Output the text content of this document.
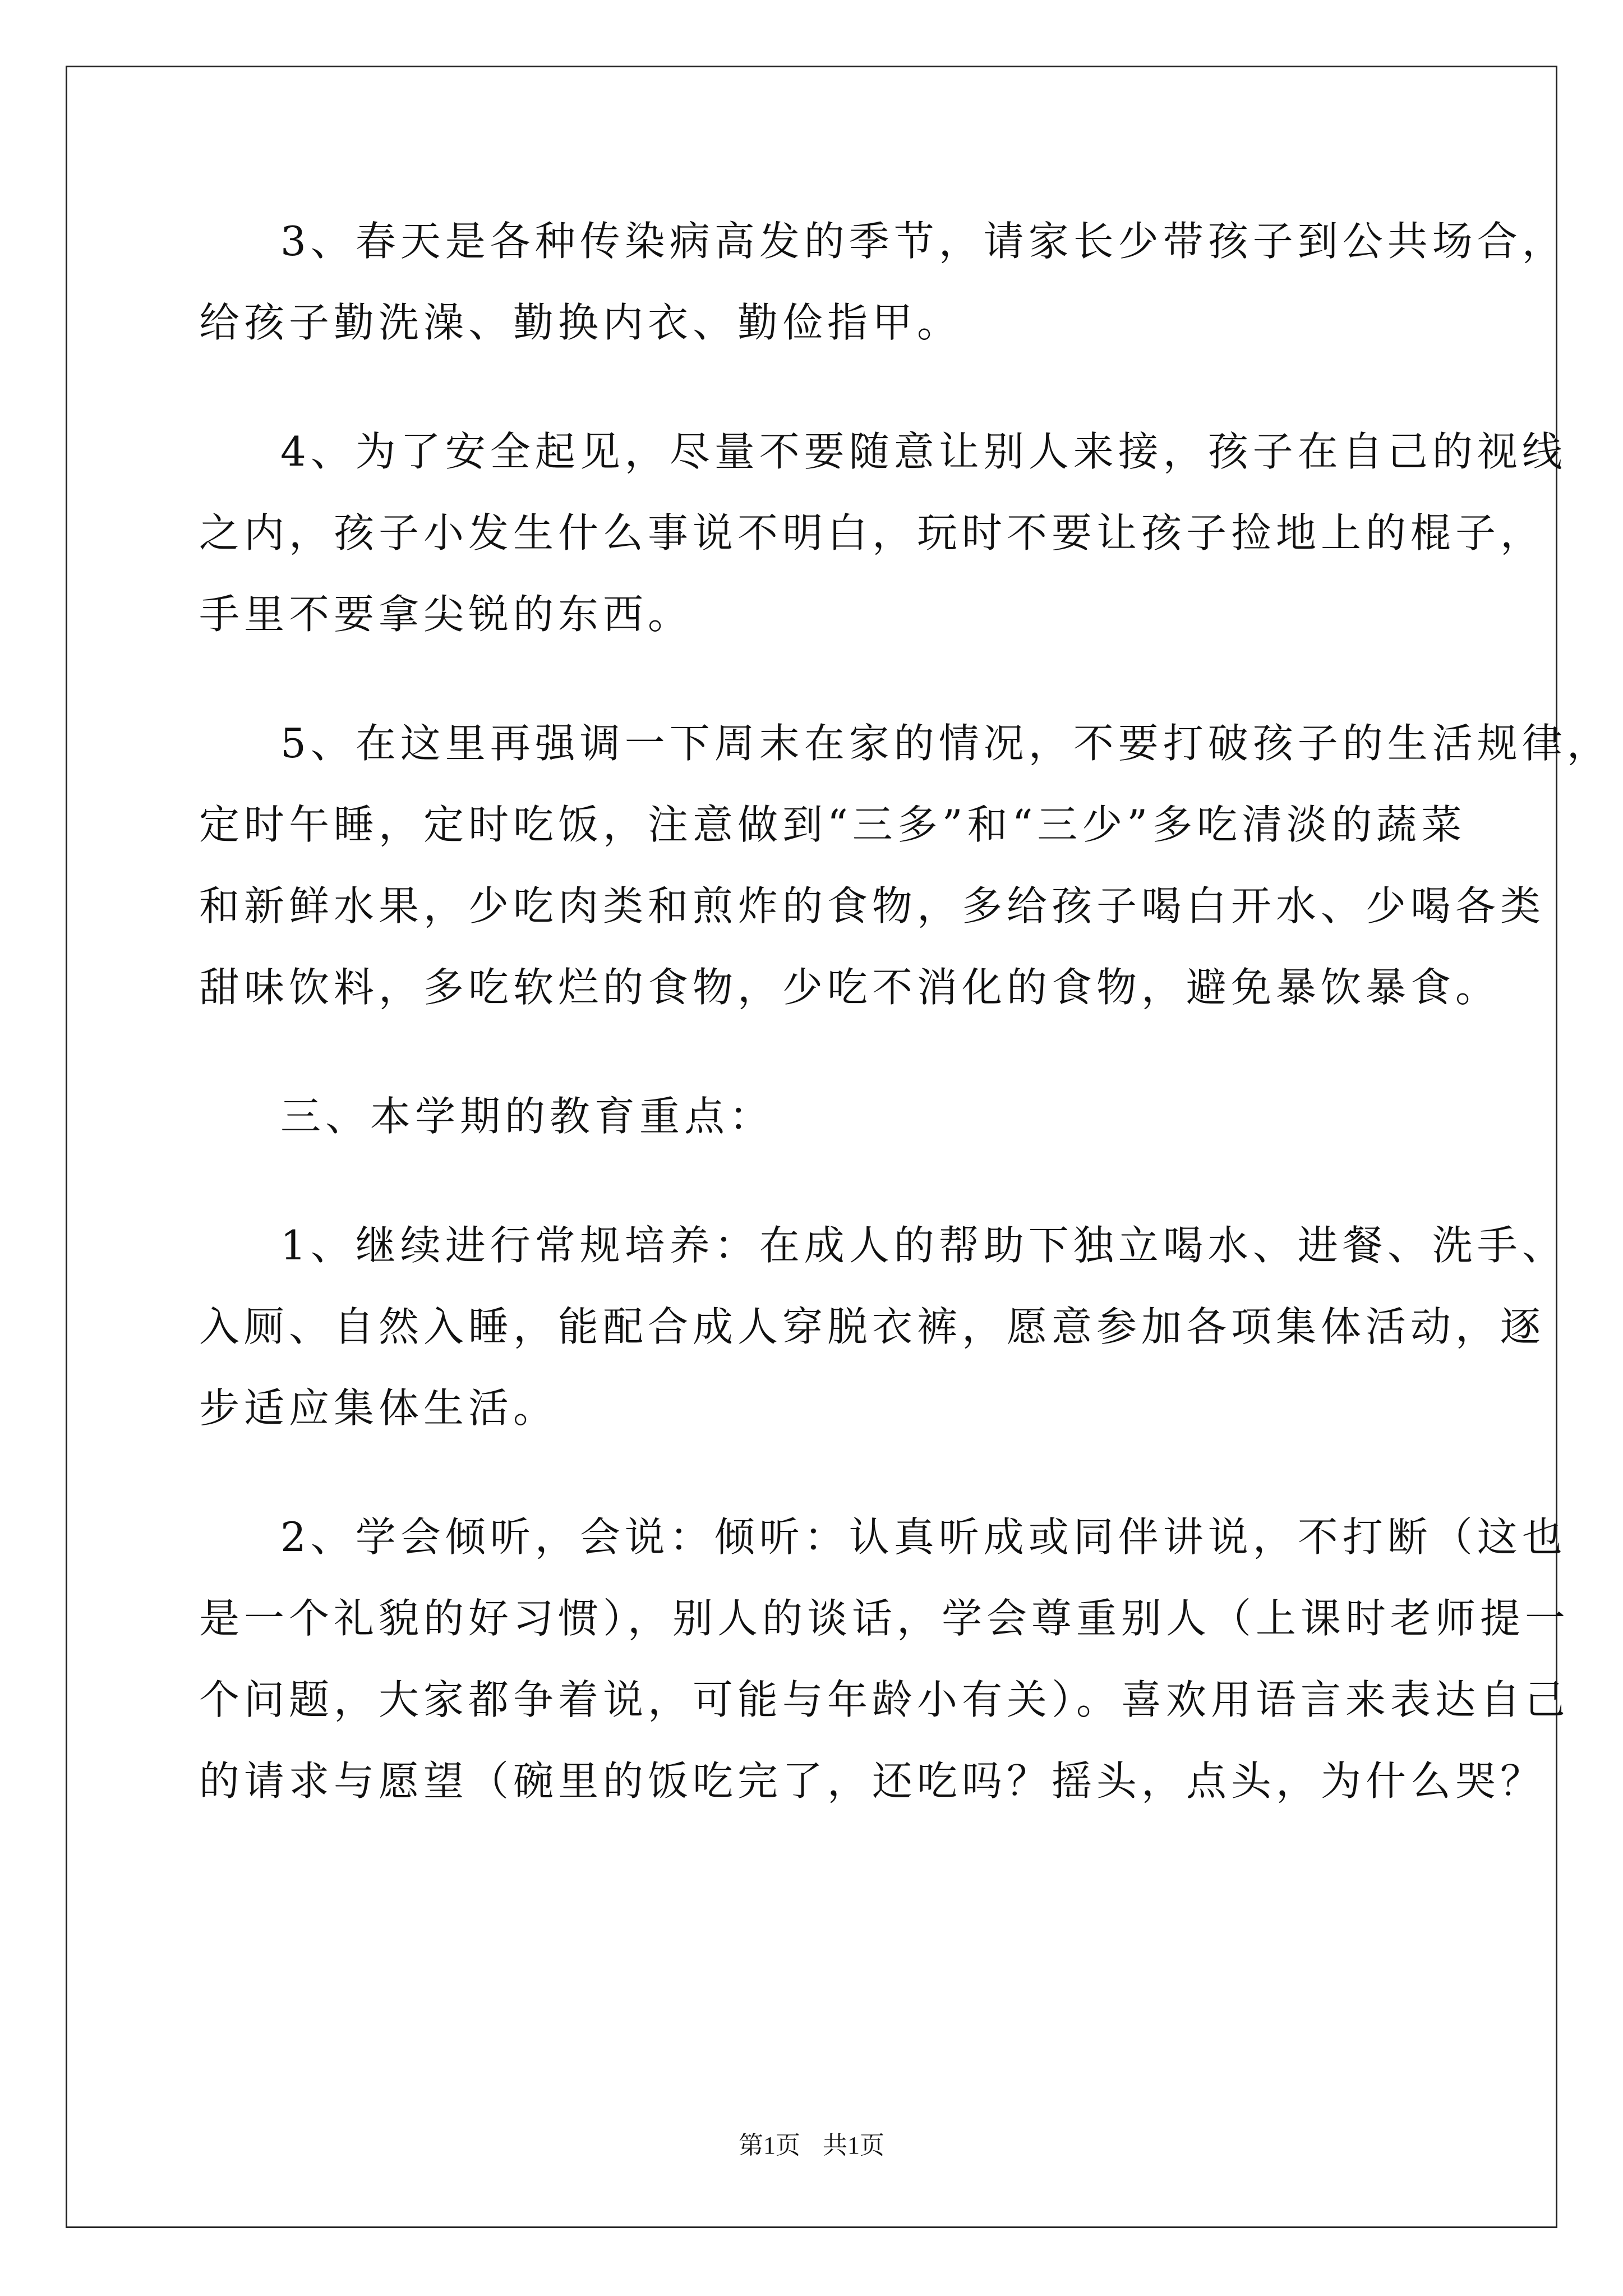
3、春天是各种传染病高发的季节，请家长少带孩子到公共场合，
给孩子勤洗澡、勤换内衣、勤俭指甲。
4、为了安全起见，尽量不要随意让别人来接，孩子在自己的视线
之内，孩子小发生什么事说不明白，玩时不要让孩子捡地上的棍子，
手里不要拿尖锐的东西。
5、在这里再强调一下周末在家的情况，不要打破孩子的生活规律，
定时午睡，定时吃饭，注意做到“三多”和“三少”多吃清淡的蔬菜
和新鲜水果，少吃肉类和煎炸的食物，多给孩子喝白开水、少喝各类
甜味饮料，多吃软烂的食物，少吃不消化的食物，避免暴饮暴食。
三、本学期的教育重点：
1、继续进行常规培养：在成人的帮助下独立喝水、进餐、洗手、
入厕、自然入睡，能配合成人穿脱衣裤，愿意参加各项集体活动，逐
步适应集体生活。
2、学会倾听，会说：倾听：认真听成或同伴讲说，不打断（这也
是一个礼貌的好习惯），别人的谈话，学会尊重别人（上课时老师提一
个问题，大家都争着说，可能与年龄小有关）。喜欢用语言来表达自己
的请求与愿望（碗里的饭吃完了，还吃吗？摇头，点头，为什么哭？
第1页 共1页
